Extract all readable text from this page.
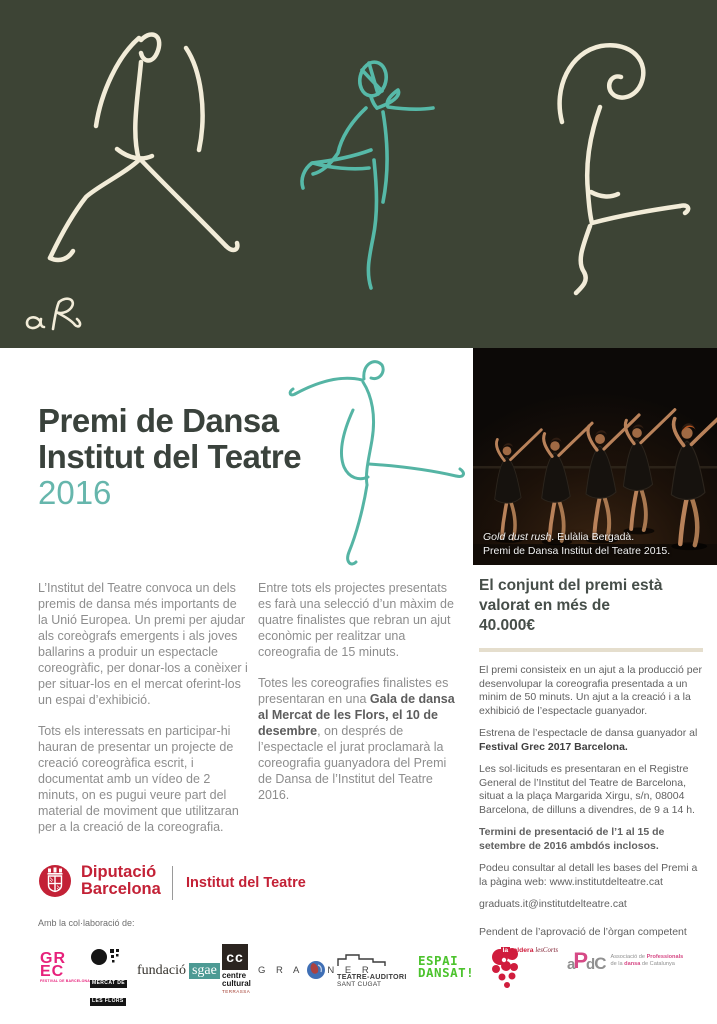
Premi de Dansa
Institut del Teatre
2016
Gold dust rush. Eulàlia Bergadà.
Premi de Dansa Institut del Teatre 2015.

L’Institut del Teatre convoca un dels premis de dansa més importants de la Unió Europea. Un premi per ajudar als coreògrafs emergents i als joves ballarins a produir un espectacle coreogràfic, per donar-los a conèixer i per situar-los en el mercat oferint-los un espai d’exhibició.

Tots els interessats en participar-hi hauran de presentar un projecte de creació coreogràfica escrit, i documentat amb un vídeo de 2 minuts, on es pugui veure part del material de moviment que utilitzaran per a la creació de la coreografia.

Entre tots els projectes presentats es farà una selecció d’un màxim de quatre finalistes que rebran un ajut econòmic per realitzar una coreografia de 15 minuts.

Totes les coreografies finalistes es presentaran en una Gala de dansa al Mercat de les Flors, el 10 de desembre, on després de l’espectacle el jurat proclamarà la coreografia guanyadora del Premi de Dansa de l’Institut del Teatre 2016.

El conjunt del premi està valorat en més de 40.000€

El premi consisteix en un ajut a la producció per desenvolupar la coreografia presentada a un minim de 50 minuts. Un ajut a la creació i a la exhibició de l’espectacle guanyador.

Estrena de l’espectacle de dansa guanyador al Festival Grec 2017 Barcelona.

Les sol·licituds es presentaran en el Registre General de l’Institut del Teatre de Barcelona, situat a la plaça Margarida Xirgu, s/n, 08004 Barcelona, de dilluns a divendres, de 9 a 14 h.

Termini de presentació de l’1 al 15 de setembre de 2016 ambdós inclosos.

Podeu consultar al detall les bases del Premi a la pàgina web: www.institutdelteatre.cat

graduats.it@institutdelteatre.cat

Pendent de l’aprovació de l’òrgan competent

Diputació
Barcelona Institut del Teatre
Amb la col·laboració de:
GR
EC
FESTIVAL DE BARCELONA MERCAT DE
LES FLORS
fundació sgae
cc
centre
cultural
TERRASSA
G R A	N E R
TEATRE-AUDITORI
SANT CUGAT
ESPAI
DANSAT!
la caldera lesCorts
a
P
d C Associació de Professionals
de la dansa de Catalunya
